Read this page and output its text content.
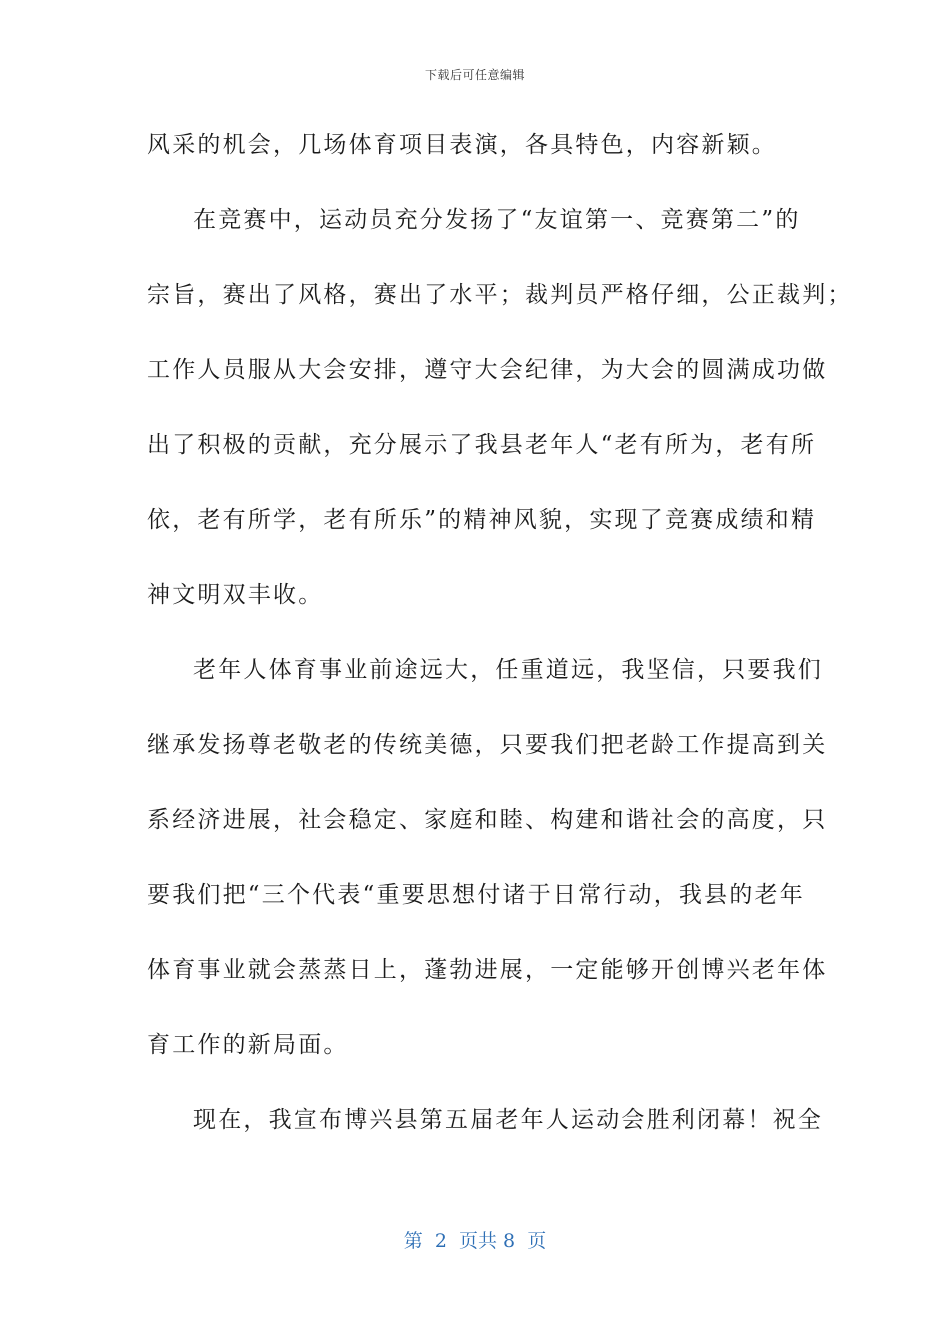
下载后可任意编辑
风采的机会，几场体育项目表演，各具特色，内容新颖。
在竞赛中，运动员充分发扬了“友谊第一、竞赛第二”的
宗旨，赛出了风格，赛出了水平；裁判员严格仔细，公正裁判；
工作人员服从大会安排，遵守大会纪律，为大会的圆满成功做
出了积极的贡献，充分展示了我县老年人“老有所为，老有所
依，老有所学，老有所乐”的精神风貌，实现了竞赛成绩和精
神文明双丰收。
老年人体育事业前途远大，任重道远，我坚信，只要我们
继承发扬尊老敬老的传统美德，只要我们把老龄工作提高到关
系经济进展，社会稳定、家庭和睦、构建和谐社会的高度，只
要我们把“三个代表“重要思想付诸于日常行动，我县的老年
体育事业就会蒸蒸日上，蓬勃进展，一定能够开创博兴老年体
育工作的新局面。
现在，我宣布博兴县第五届老年人运动会胜利闭幕！祝全
第  2  页共 8  页
